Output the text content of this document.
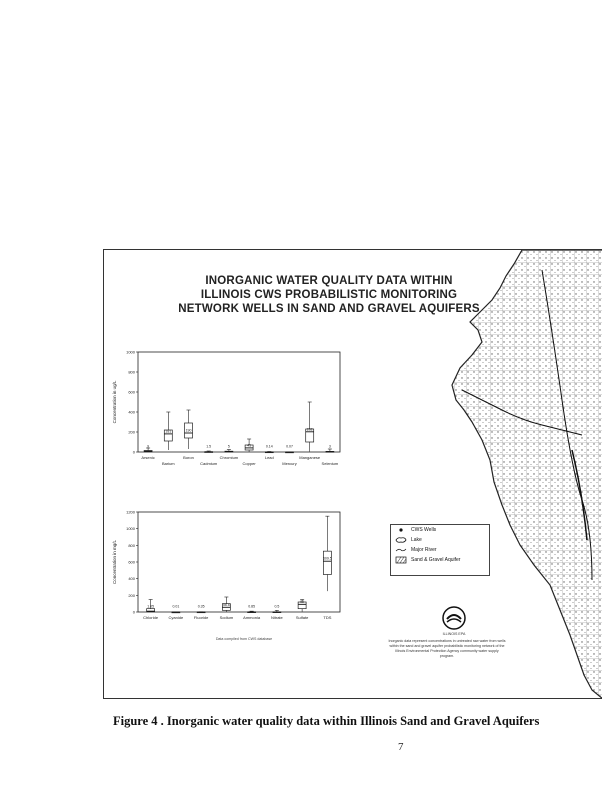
INORGANIC WATER QUALITY DATA WITHIN
ILLINOIS CWS PROBABILISTIC MONITORING
NETWORK WELLS IN SAND AND GRAVEL AQUIFERS
0
200
400
600
800
1000
Concentration in ug/L
9
Arsenic
181
Barium
190
Boron
1.5
Cadmium
5
Chromium
41
Copper
0.14
Lead
0.07
Mercury
202
Manganese
3
Selenium
0
200
400
600
800
1000
1200
Concentration in mg/L
1.05
Chloride
0.01
Cyanide
0.35
Fluoride
56.6
Sodium
0.85
Ammonia
0.5
Nitrate
92
Sulfate
609.5
TDS
Data compiled from CWS database
CWS Wells
Lake
Major River
Sand & Gravel Aquifer
ILLINOIS EPA
Inorganic data represent concentrations in untreated raw water from wells within the sand and gravel aquifer probabilistic monitoring network of the Illinois Environmental Protection Agency community water supply program.
Figure 4 . Inorganic water quality data within Illinois Sand and Gravel Aquifers
7
